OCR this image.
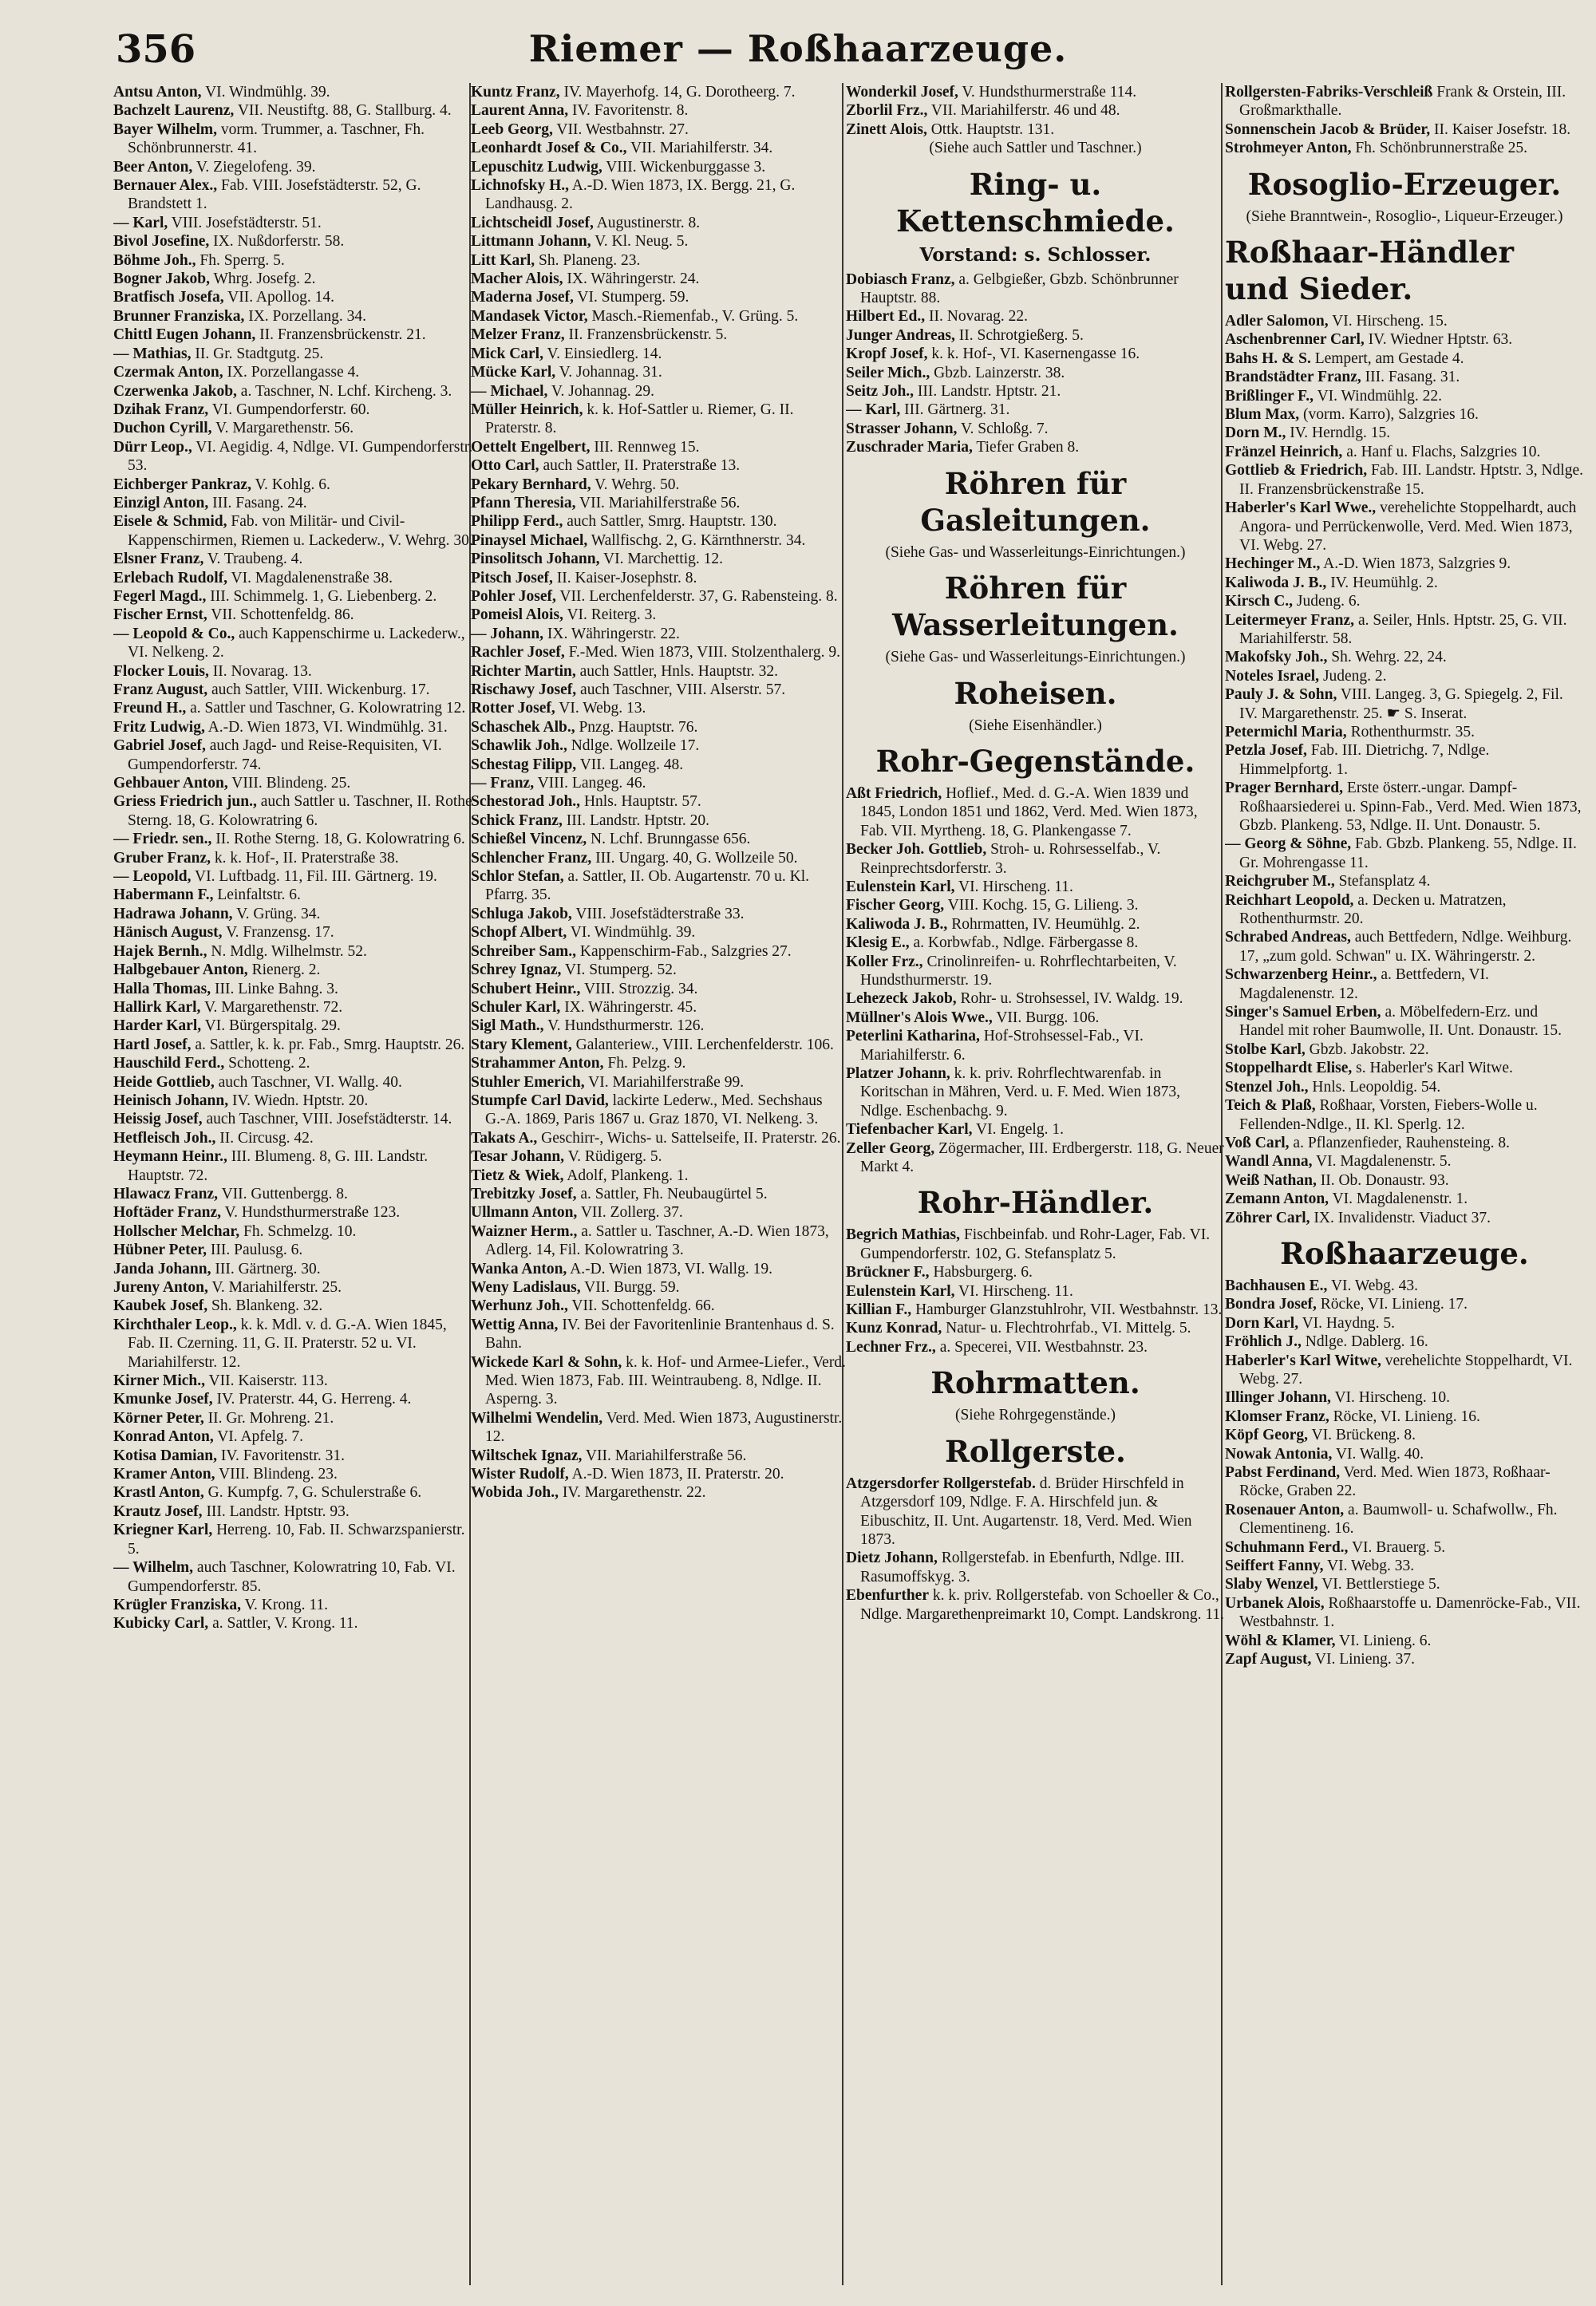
356	Riemer — Roßhaarzeuge.
Antsu Anton, VI. Windmühlg. 39.
Bachzelt Laurenz, VII. Neustiftg. 88, G. Stallburg. 4.
Bayer Wilhelm, vorm. Trummer, a. Taschner, Fh. Schönbrunnerstr. 41.
Beer Anton, V. Ziegelofeng. 39.
Bernauer Alex., Fab. VIII. Josefstädterstr. 52, G. Brandstett 1.
— Karl, VIII. Josefstädterstr. 51.
Bivol Josefine, IX. Nußdorferstr. 58.
Böhme Joh., Fh. Sperrg. 5.
Bogner Jakob, Whrg. Josefg. 2.
Bratfisch Josefa, VII. Apollog. 14.
Brunner Franziska, IX. Porzellang. 34.
Chittl Eugen Johann, II. Franzensbrückenstr. 21.
— Mathias, II. Gr. Stadtgutg. 25.
Czermak Anton, IX. Porzellangasse 4.
Czerwenka Jakob, a. Taschner, N. Lchf. Kircheng. 3.
Dzihak Franz, VI. Gumpendorferstr. 60.
Duchon Cyrill, V. Margarethenstr. 56.
Dürr Leop., VI. Aegidig. 4, Ndlge. VI. Gumpendorferstr. 53.
Eichberger Pankraz, V. Kohlg. 6.
Einzigl Anton, III. Fasang. 24.
Eisele & Schmid, Fab. von Militär- und Civil-Kappenschirmen, Riemen u. Lackederw., V. Wehrg. 30.
Elsner Franz, V. Traubeng. 4.
Erlebach Rudolf, VI. Magdalenenstraße 38.
Fegerl Magd., III. Schimmelg. 1, G. Liebenberg. 2.
Fischer Ernst, VII. Schottenfeldg. 86.
— Leopold & Co., auch Kappenschirme u. Lackederw., VI. Nelkeng. 2.
Flocker Louis, II. Novarag. 13.
Franz August, auch Sattler, VIII. Wickenburg. 17.
Freund H., a. Sattler und Taschner, G. Kolowratring 12.
Fritz Ludwig, A.-D. Wien 1873, VI. Windmühlg. 31.
Gabriel Josef, auch Jagd- und Reise-Requisiten, VI. Gumpendorferstr. 74.
Gehbauer Anton, VIII. Blindeng. 25.
Griess Friedrich jun., auch Sattler u. Taschner, II. Rothe Sterng. 18, G. Kolowratring 6.
— Friedr. sen., II. Rothe Sterng. 18, G. Kolowratring 6.
Gruber Franz, k. k. Hof-, II. Praterstraße 38.
— Leopold, VI. Luftbadg. 11, Fil. III. Gärtnerg. 19.
Habermann F., Leinfaltstr. 6.
Hadrawa Johann, V. Grüng. 34.
Hänisch August, V. Franzensg. 17.
Hajek Bernh., N. Mdlg. Wilhelmstr. 52.
Halbgebauer Anton, Rienerg. 2.
Halla Thomas, III. Linke Bahng. 3.
Hallirk Karl, V. Margarethenstr. 72.
Harder Karl, VI. Bürgerspitalg. 29.
Hartl Josef, a. Sattler, k. k. pr. Fab., Smrg. Hauptstr. 26.
Hauschild Ferd., Schotteng. 2.
Heide Gottlieb, auch Taschner, VI. Wallg. 40.
Heinisch Johann, IV. Wiedn. Hptstr. 20.
Heissig Josef, auch Taschner, VIII. Josefstädterstr. 14.
Hetfleisch Joh., II. Circusg. 42.
Heymann Heinr., III. Blumeng. 8, G. III. Landstr. Hauptstr. 72.
Hlawacz Franz, VII. Guttenbergg. 8.
Hoftäder Franz, V. Hundsthurmerstraße 123.
Hollscher Melchar, Fh. Schmelzg. 10.
Hübner Peter, III. Paulusg. 6.
Janda Johann, III. Gärtnerg. 30.
Jureny Anton, V. Mariahilferstr. 25.
Kaubek Josef, Sh. Blankeng. 32.
Kirchthaler Leop., k. k. Mdl. v. d. G.-A. Wien 1845, Fab. II. Czerning. 11, G. II. Praterstr. 52 u. VI. Mariahilferstr. 12.
Kirner Mich., VII. Kaiserstr. 113.
Kmunke Josef, IV. Praterstr. 44, G. Herreng. 4.
Körner Peter, II. Gr. Mohreng. 21.
Konrad Anton, VI. Apfelg. 7.
Kotisa Damian, IV. Favoritenstr. 31.
Kramer Anton, VIII. Blindeng. 23.
Krastl Anton, G. Kumpfg. 7, G. Schulerstraße 6.
Krautz Josef, III. Landstr. Hptstr. 93.
Kriegner Karl, Herreng. 10, Fab. II. Schwarzspanierstr. 5.
— Wilhelm, auch Taschner, Kolowratring 10, Fab. VI. Gumpendorferstr. 85.
Krügler Franziska, V. Krong. 11.
Kubicky Carl, a. Sattler, V. Krong. 11.
Kuntz Franz, IV. Mayerhofg. 14, G. Dorotheerg. 7.
Laurent Anna, IV. Favoritenstr. 8.
Leeb Georg, VII. Westbahnstr. 27.
Leonhardt Josef & Co., VII. Mariahilferstr. 34.
Lepuschitz Ludwig, VIII. Wickenburggasse 3.
Lichnofsky H., A.-D. Wien 1873, IX. Bergg. 21, G. Landhausg. 2.
Lichtscheidl Josef, Augustinerstr. 8.
Littmann Johann, V. Kl. Neug. 5.
Litt Karl, Sh. Planeng. 23.
Macher Alois, IX. Währingerstr. 24.
Maderna Josef, VI. Stumperg. 59.
Mandasek Victor, Masch.-Riemenfab., V. Grüng. 5.
Melzer Franz, II. Franzensbrückenstr. 5.
Mick Carl, V. Einsiedlerg. 14.
Mücke Karl, V. Johannag. 31.
— Michael, V. Johannag. 29.
Müller Heinrich, k. k. Hof-Sattler u. Riemer, G. II. Praterstr. 8.
Oettelt Engelbert, III. Rennweg 15.
Otto Carl, auch Sattler, II. Praterstraße 13.
Pekary Bernhard, V. Wehrg. 50.
Pfann Theresia, VII. Mariahilferstraße 56.
Philipp Ferd., auch Sattler, Smrg. Hauptstr. 130.
Pinaysel Michael, Wallfischg. 2, G. Kärnthnerstr. 34.
Pinsolitsch Johann, VI. Marchettig. 12.
Pitsch Josef, II. Kaiser-Josephstr. 8.
Pohler Josef, VII. Lerchenfelderstr. 37, G. Rabensteing. 8.
Pomeisl Alois, VI. Reiterg. 3.
— Johann, IX. Währingerstr. 22.
Rachler Josef, F.-Med. Wien 1873, VIII. Stolzenthalerg. 9.
Richter Martin, auch Sattler, Hnls. Hauptstr. 32.
Rischawy Josef, auch Taschner, VIII. Alserstr. 57.
Rotter Josef, VI. Webg. 13.
Schaschek Alb., Pnzg. Hauptstr. 76.
Schawlik Joh., Ndlge. Wollzeile 17.
Schestag Filipp, VII. Langeg. 48.
— Franz, VIII. Langeg. 46.
Schestorad Joh., Hnls. Hauptstr. 57.
Schick Franz, III. Landstr. Hptstr. 20.
Schießel Vincenz, N. Lchf. Brunngasse 656.
Schlencher Franz, III. Ungarg. 40, G. Wollzeile 50.
Schlor Stefan, a. Sattler, II. Ob. Augartenstr. 70 u. Kl. Pfarrg. 35.
Schluga Jakob, VIII. Josefstädterstraße 33.
Schopf Albert, VI. Windmühlg. 39.
Schreiber Sam., Kappenschirm-Fab., Salzgries 27.
Schrey Ignaz, VI. Stumperg. 52.
Schubert Heinr., VIII. Strozzig. 34.
Schuler Karl, IX. Währingerstr. 45.
Sigl Math., V. Hundsthurmerstr. 126.
Stary Klement, Galanteriew., VIII. Lerchenfelderstr. 106.
Strahammer Anton, Fh. Pelzg. 9.
Stuhler Emerich, VI. Mariahilferstraße 99.
Stumpfe Carl David, lackirte Lederw., Med. Sechshaus G.-A. 1869, Paris 1867 u. Graz 1870, VI. Nelkeng. 3.
Takats A., Geschirr-, Wichs- u. Sattelseife, II. Praterstr. 26.
Tesar Johann, V. Rüdigerg. 5.
Tietz & Wiek, Adolf, Plankeng. 1.
Trebitzky Josef, a. Sattler, Fh. Neubaugürtel 5.
Ullmann Anton, VII. Zollerg. 37.
Waizner Herm., a. Sattler u. Taschner, A.-D. Wien 1873, Adlerg. 14, Fil. Kolowratring 3.
Wanka Anton, A.-D. Wien 1873, VI. Wallg. 19.
Weny Ladislaus, VII. Burgg. 59.
Werhunz Joh., VII. Schottenfeldg. 66.
Wettig Anna, IV. Bei der Favoritenlinie Brantenhaus d. S. Bahn.
Wickede Karl & Sohn, k. k. Hof- und Armee-Liefer., Verd. Med. Wien 1873, Fab. III. Weintraubeng. 8, Ndlge. II. Asperng. 3.
Wilhelmi Wendelin, Verd. Med. Wien 1873, Augustinerstr. 12.
Wiltschek Ignaz, VII. Mariahilferstraße 56.
Wister Rudolf, A.-D. Wien 1873, II. Praterstr. 20.
Wobida Joh., IV. Margarethenstr. 22.
Wonderkil Josef, V. Hundsthurmerstraße 114.
Zborlil Frz., VII. Mariahilferstr. 46 und 48.
Zinett Alois, Ottk. Hauptstr. 131.
(Siehe auch Sattler und Taschner.)
Ring- u. Kettenschmiede.
Vorstand: s. Schlosser.
Dobiasch Franz, a. Gelbgießer, Gbzb. Schönbrunner Hauptstr. 88.
Hilbert Ed., II. Novarag. 22.
Junger Andreas, II. Schrotgießerg. 5.
Kropf Josef, k. k. Hof-, VI. Kasernengasse 16.
Seiler Mich., Gbzb. Lainzerstr. 38.
Seitz Joh., III. Landstr. Hptstr. 21.
— Karl, III. Gärtnerg. 31.
Strasser Johann, V. Schloßg. 7.
Zuschrader Maria, Tiefer Graben 8.
Röhren für Gasleitungen.
(Siehe Gas- und Wasserleitungs-Einrichtungen.)
Röhren für Wasserleitungen.
(Siehe Gas- und Wasserleitungs-Einrichtungen.)
Roheisen.
(Siehe Eisenhändler.)
Rohr-Gegenstände.
Aßt Friedrich, Hoflief., Med. d. G.-A. Wien 1839 und 1845, London 1851 und 1862, Verd. Med. Wien 1873, Fab. VII. Myrtheng. 18, G. Plankengasse 7.
Becker Joh. Gottlieb, Stroh- u. Rohrsesselfab., V. Reinprechtsdorferstr. 3.
Eulenstein Karl, VI. Hirscheng. 11.
Fischer Georg, VIII. Kochg. 15, G. Lilieng. 3.
Kaliwoda J. B., Rohrmatten, IV. Heumühlg. 2.
Klesig E., a. Korbwfab., Ndlge. Färbergasse 8.
Koller Frz., Crinolinreifen- u. Rohrflechtarbeiten, V. Hundsthurmerstr. 19.
Lehezeck Jakob, Rohr- u. Strohsessel, IV. Waldg. 19.
Müllner's Alois Wwe., VII. Burgg. 106.
Peterlini Katharina, Hof-Strohsessel-Fab., VI. Mariahilferstr. 6.
Platzer Johann, k. k. priv. Rohrflechtwarenfab. in Koritschan in Mähren, Verd. u. F. Med. Wien 1873, Ndlge. Eschenbachg. 9.
Tiefenbacher Karl, VI. Engelg. 1.
Zeller Georg, Zögermacher, III. Erdbergerstr. 118, G. Neuer Markt 4.
Rohr-Händler.
Begrich Mathias, Fischbeinfab. und Rohr-Lager, Fab. VI. Gumpendorferstr. 102, G. Stefansplatz 5.
Brückner F., Habsburgerg. 6.
Eulenstein Karl, VI. Hirscheng. 11.
Killian F., Hamburger Glanzstuhlrohr, VII. Westbahnstr. 13.
Kunz Konrad, Natur- u. Flechtrohrfab., VI. Mittelg. 5.
Lechner Frz., a. Specerei, VII. Westbahnstr. 23.
Rohrmatten.
(Siehe Rohrgegenstände.)
Rollgerste.
Atzgersdorfer Rollgerstefab. d. Brüder Hirschfeld in Atzgersdorf 109, Ndlge. F. A. Hirschfeld jun. & Eibuschitz, II. Unt. Augartenstr. 18, Verd. Med. Wien 1873.
Dietz Johann, Rollgerstefab. in Ebenfurth, Ndlge. III. Rasumoffskyg. 3.
Ebenfurther k. k. priv. Rollgerstefab. von Schoeller & Co., Ndlge. Margarethenpreimarkt 10, Compt. Landskrong. 11.
Rollgersten-Fabriks-Verschleiß Frank & Orstein, III. Großmarkthalle.
Sonnenschein Jacob & Brüder, II. Kaiser Josefstr. 18.
Strohmeyer Anton, Fh. Schönbrunnerstraße 25.
Rosoglio-Erzeuger.
(Siehe Branntwein-, Rosoglio-, Liqueur-Erzeuger.)
Roßhaar-Händler und Sieder.
Adler Salomon, VI. Hirscheng. 15.
Aschenbrenner Carl, IV. Wiedner Hptstr. 63.
Bahs H. & S. Lempert, am Gestade 4.
Brandstädter Franz, III. Fasang. 31.
Brißlinger F., VI. Windmühlg. 22.
Blum Max, (vorm. Karro), Salzgries 16.
Dorn M., IV. Herndlg. 15.
Fränzel Heinrich, a. Hanf u. Flachs, Salzgries 10.
Gottlieb & Friedrich, Fab. III. Landstr. Hptstr. 3, Ndlge. II. Franzensbrückenstraße 15.
Haberler's Karl Wwe., verehelichte Stoppelhardt, auch Angora- und Perrückenwolle, Verd. Med. Wien 1873, VI. Webg. 27.
Hechinger M., A.-D. Wien 1873, Salzgries 9.
Kaliwoda J. B., IV. Heumühlg. 2.
Kirsch C., Judeng. 6.
Leitermeyer Franz, a. Seiler, Hnls. Hptstr. 25, G. VII. Mariahilferstr. 58.
Makofsky Joh., Sh. Wehrg. 22, 24.
Noteles Israel, Judeng. 2.
Pauly J. & Sohn, VIII. Langeg. 3, G. Spiegelg. 2, Fil. IV. Margarethenstr. 25. ☛ S. Inserat.
Petermichl Maria, Rothenthurmstr. 35.
Petzla Josef, Fab. III. Dietrichg. 7, Ndlge. Himmelpfortg. 1.
Prager Bernhard, Erste österr.-ungar. Dampf-Roßhaarsiederei u. Spinn-Fab., Verd. Med. Wien 1873, Gbzb. Plankeng. 53, Ndlge. II. Unt. Donaustr. 5.
— Georg & Söhne, Fab. Gbzb. Plankeng. 55, Ndlge. II. Gr. Mohrengasse 11.
Reichgruber M., Stefansplatz 4.
Reichhart Leopold, a. Decken u. Matratzen, Rothenthurmstr. 20.
Schrabed Andreas, auch Bettfedern, Ndlge. Weihburg. 17, „zum gold. Schwan" u. IX. Währingerstr. 2.
Schwarzenberg Heinr., a. Bettfedern, VI. Magdalenenstr. 12.
Singer's Samuel Erben, a. Möbelfedern-Erz. und Handel mit roher Baumwolle, II. Unt. Donaustr. 15.
Stolbe Karl, Gbzb. Jakobstr. 22.
Stoppelhardt Elise, s. Haberler's Karl Witwe.
Stenzel Joh., Hnls. Leopoldig. 54.
Teich & Plaß, Roßhaar, Vorsten, Fiebers-Wolle u. Fellenden-Ndlge., II. Kl. Sperlg. 12.
Voß Carl, a. Pflanzenfieder, Rauhensteing. 8.
Wandl Anna, VI. Magdalenenstr. 5.
Weiß Nathan, II. Ob. Donaustr. 93.
Zemann Anton, VI. Magdalenenstr. 1.
Zöhrer Carl, IX. Invalidenstr. Viaduct 37.
Roßhaarzeuge.
Bachhausen E., VI. Webg. 43.
Bondra Josef, Röcke, VI. Linieng. 17.
Dorn Karl, VI. Haydng. 5.
Fröhlich J., Ndlge. Dablerg. 16.
Haberler's Karl Witwe, verehelichte Stoppelhardt, VI. Webg. 27.
Illinger Johann, VI. Hirscheng. 10.
Klomser Franz, Röcke, VI. Linieng. 16.
Köpf Georg, VI. Brückeng. 8.
Nowak Antonia, VI. Wallg. 40.
Pabst Ferdinand, Verd. Med. Wien 1873, Roßhaar-Röcke, Graben 22.
Rosenauer Anton, a. Baumwoll- u. Schafwollw., Fh. Clementineng. 16.
Schuhmann Ferd., VI. Brauerg. 5.
Seiffert Fanny, VI. Webg. 33.
Slaby Wenzel, VI. Bettlerstiege 5.
Urbanek Alois, Roßhaarstoffe u. Damenröcke-Fab., VII. Westbahnstr. 1.
Wöhl & Klamer, VI. Linieng. 6.
Zapf August, VI. Linieng. 37.
